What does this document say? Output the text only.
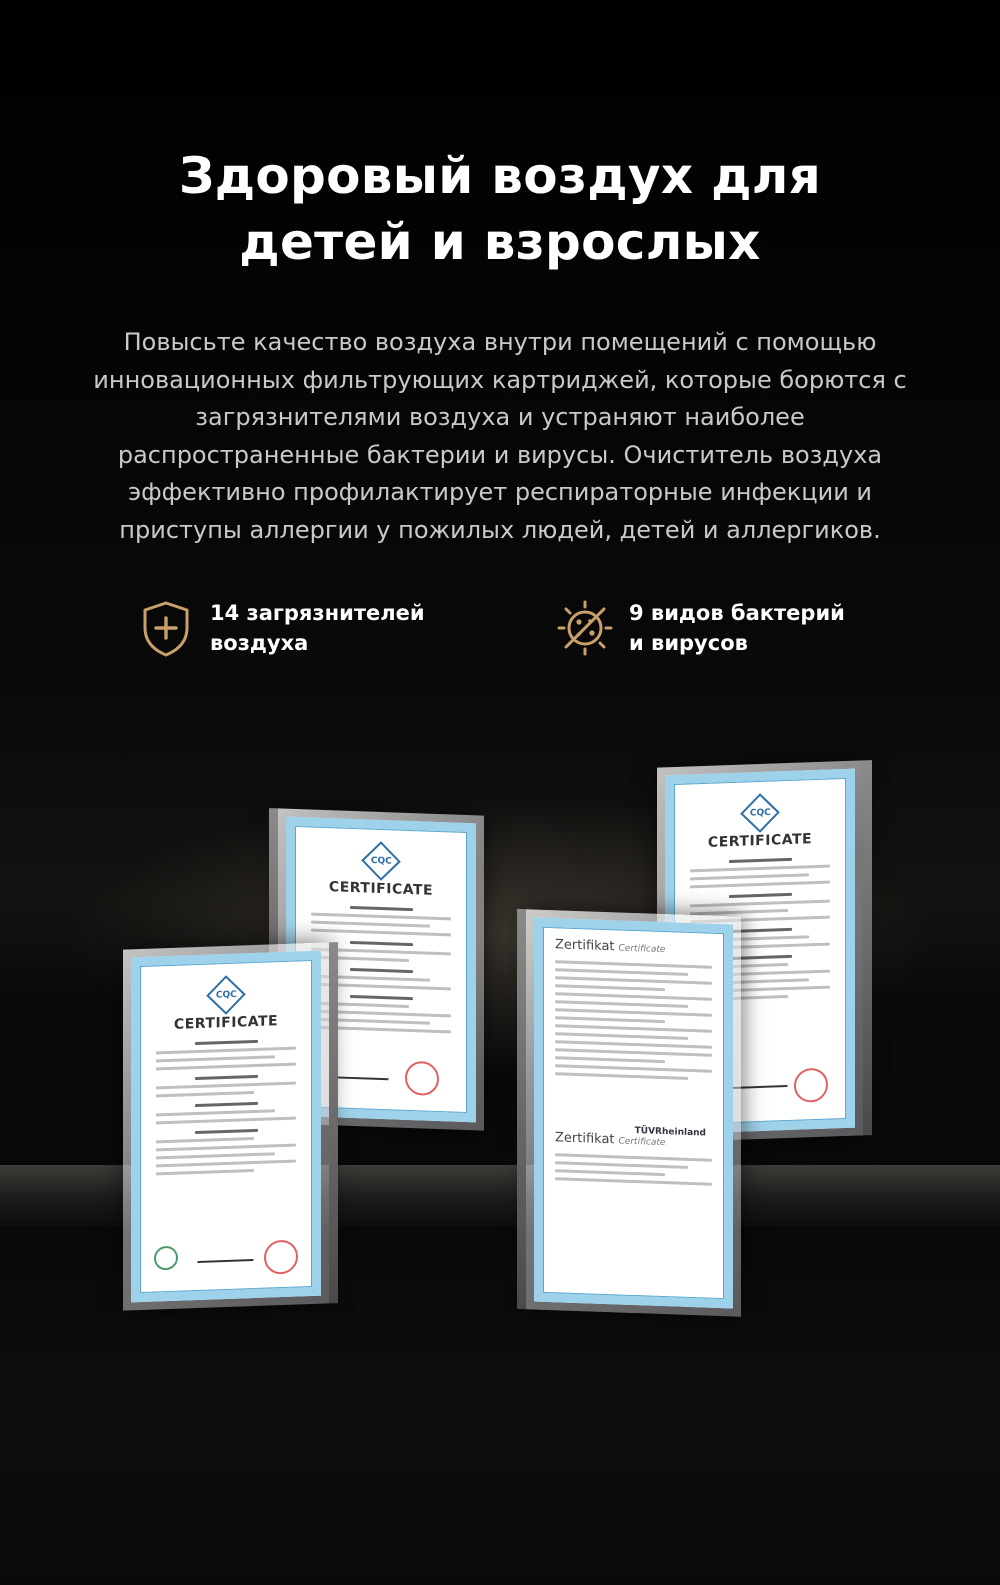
Здоровый воздух для
детей и взрослых
Повысьте качество воздуха внутри помещений с помощью
инновационных фильтрующих картриджей, которые борются с
загрязнителями воздуха и устраняют наиболее
распространенные бактерии и вирусы. Очиститель воздуха
эффективно профилактирует респираторные инфекции и
приступы аллергии у пожилых людей, детей и аллергиков.
14 загрязнителей
воздуха
9 видов бактерий
и вирусов
CQC
CERTIFICATE
CQC
CERTIFICATE
CQC
CERTIFICATE
Zertifikat Certificate
TÜVRheinland
Zertifikat Certificate
